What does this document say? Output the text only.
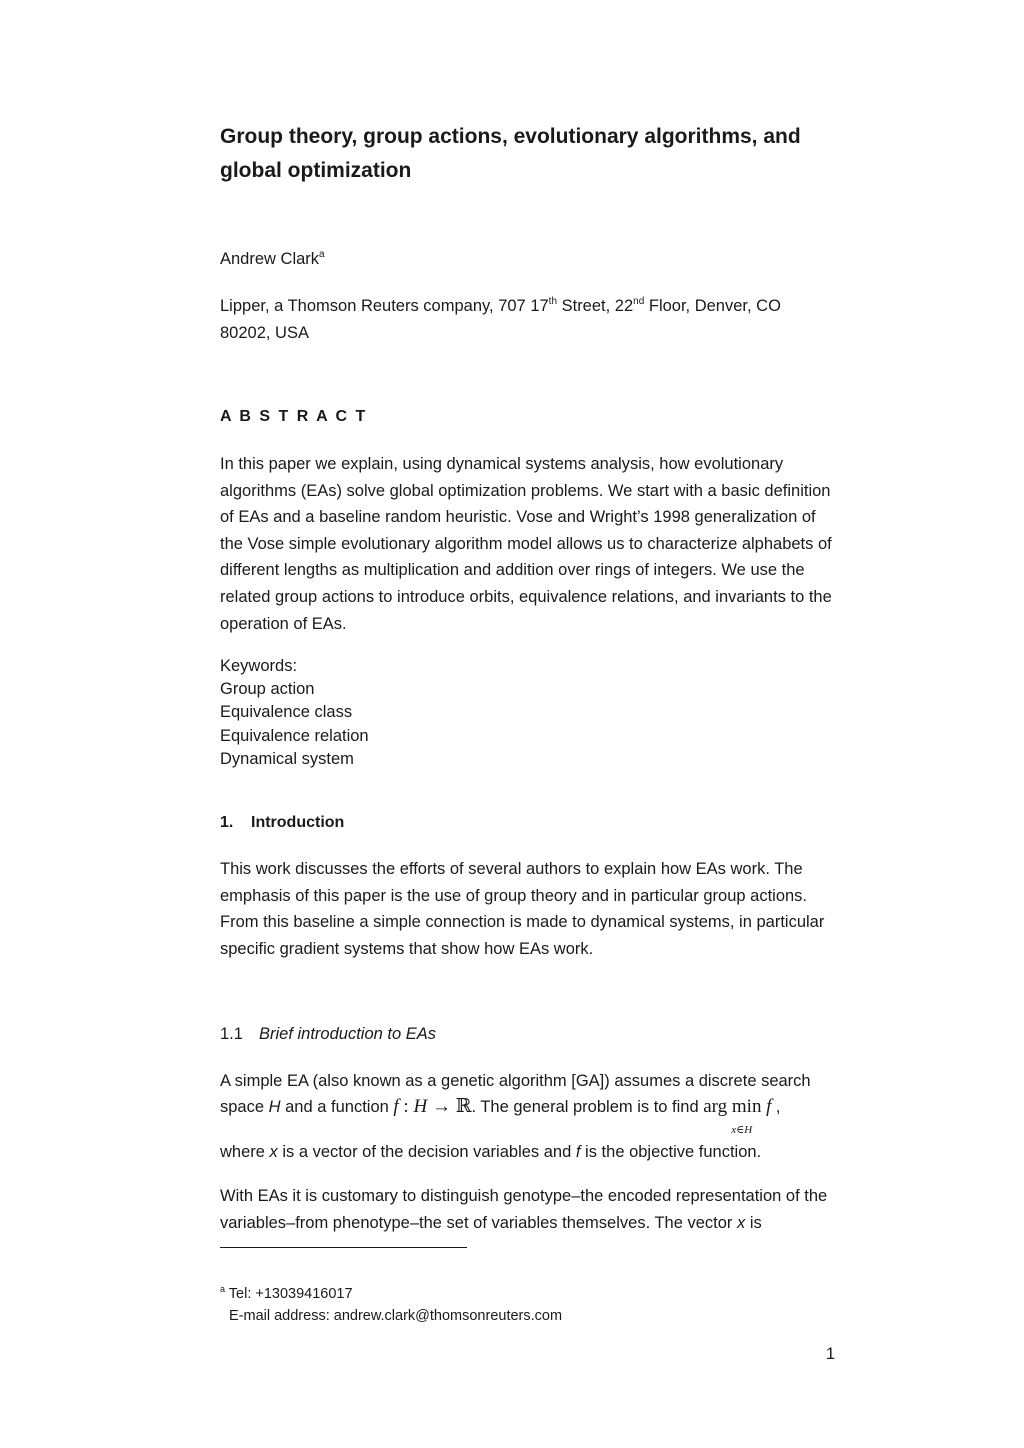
Group theory, group actions, evolutionary algorithms, and global optimization
Andrew Clark$^a$

Lipper, a Thomson Reuters company, 707 17th Street, 22nd Floor, Denver, CO
80202, USA

A B S T R A C T

In this paper we explain, using dynamical systems analysis, how evolutionary algorithms (EAs) solve global optimization problems. We start with a basic definition of EAs and a baseline random heuristic. Vose and Wright’s 1998 generalization of the Vose simple evolutionary algorithm model allows us to characterize alphabets of different lengths as multiplication and addition over rings of integers. We use the related group actions to introduce orbits, equivalence relations, and invariants to the operation of EAs.

Keywords:
Group action
Equivalence class
Equivalence relation
Dynamical system
1. Introduction

This work discusses the efforts of several authors to explain how EAs work. The emphasis of this paper is the use of group theory and in particular group actions. From this baseline a simple connection is made to dynamical systems, in particular specific gradient systems that show how EAs work.

1.1 Brief introduction to EAs

A simple EA (also known as a genetic algorithm [GA]) assumes a discrete search

space H and a function f : H → ℝ. The general problem is to find arg min f
x∈H
,

where x is a vector of the decision variables and f is the objective function.

With EAs it is customary to distinguish genotype–the encoded representation of the variables–from phenotype–the set of variables themselves. The vector x is

$^a$ Tel: +13039416017
E-mail address: andrew.clark@thomsonreuters.com
1
